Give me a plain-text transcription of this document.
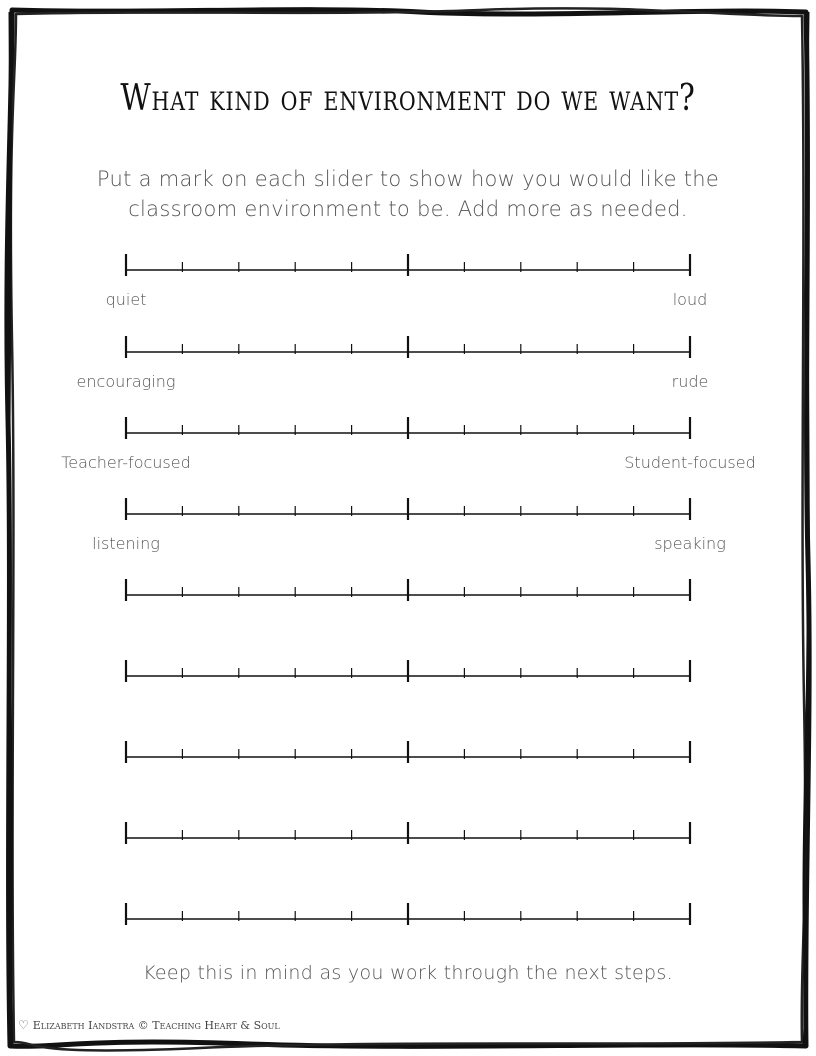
What kind of environment do we want?
Put a mark on each slider to show how you would like the
classroom environment to be. Add more as needed.
quiet	loud
encouraging	rude
Teacher-focused	Student-focused
listening	speaking
Keep this in mind as you work through the next steps.
♡ Elizabeth Iandstra © Teaching Heart & Soul
